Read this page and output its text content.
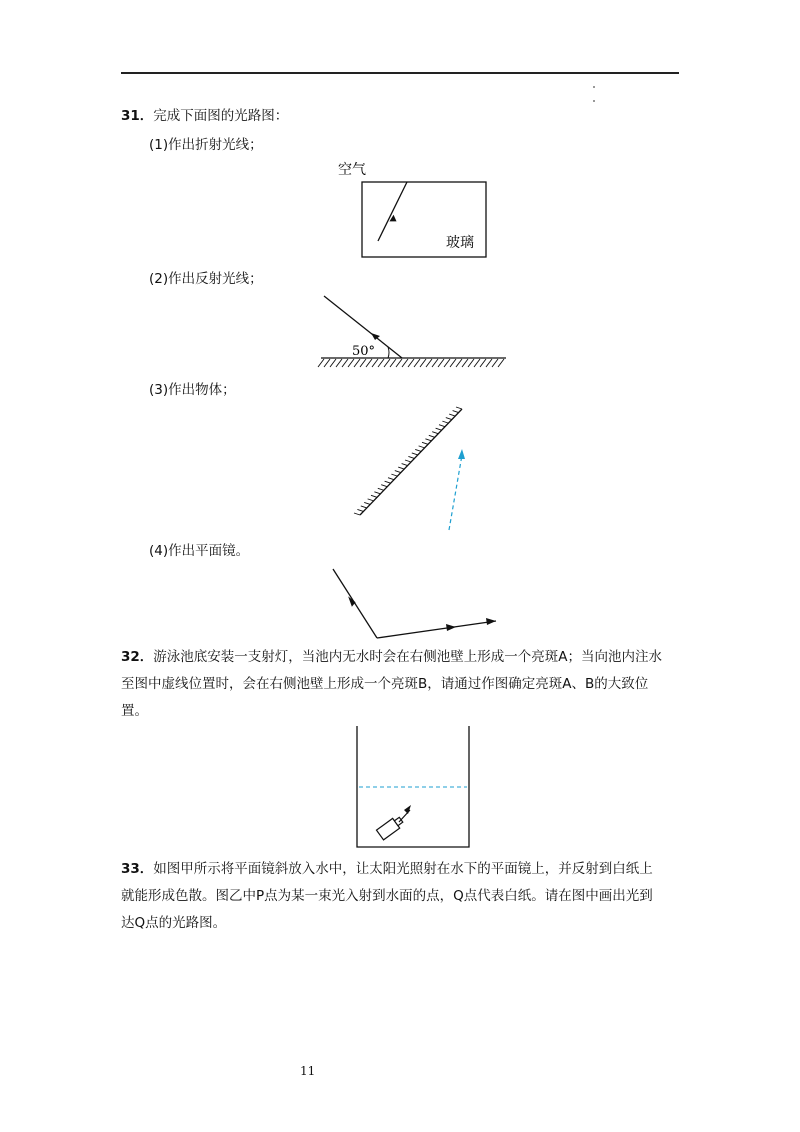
31．完成下面图的光路图：
(1)作出折射光线；
空气
玻璃
(2)作出反射光线；
50°
(3)作出物体；
(4)作出平面镜。
32．游泳池底安装一支射灯，当池内无水时会在右侧池壁上形成一个亮斑A；当向池内注水至图中虚线位置时，会在右侧池壁上形成一个亮斑B，请通过作图确定亮斑A、B的大致位置。
33．如图甲所示将平面镜斜放入水中，让太阳光照射在水下的平面镜上，并反射到白纸上就能形成色散。图乙中P点为某一束光入射到水面的点，Q点代表白纸。请在图中画出光到达Q点的光路图。
11
